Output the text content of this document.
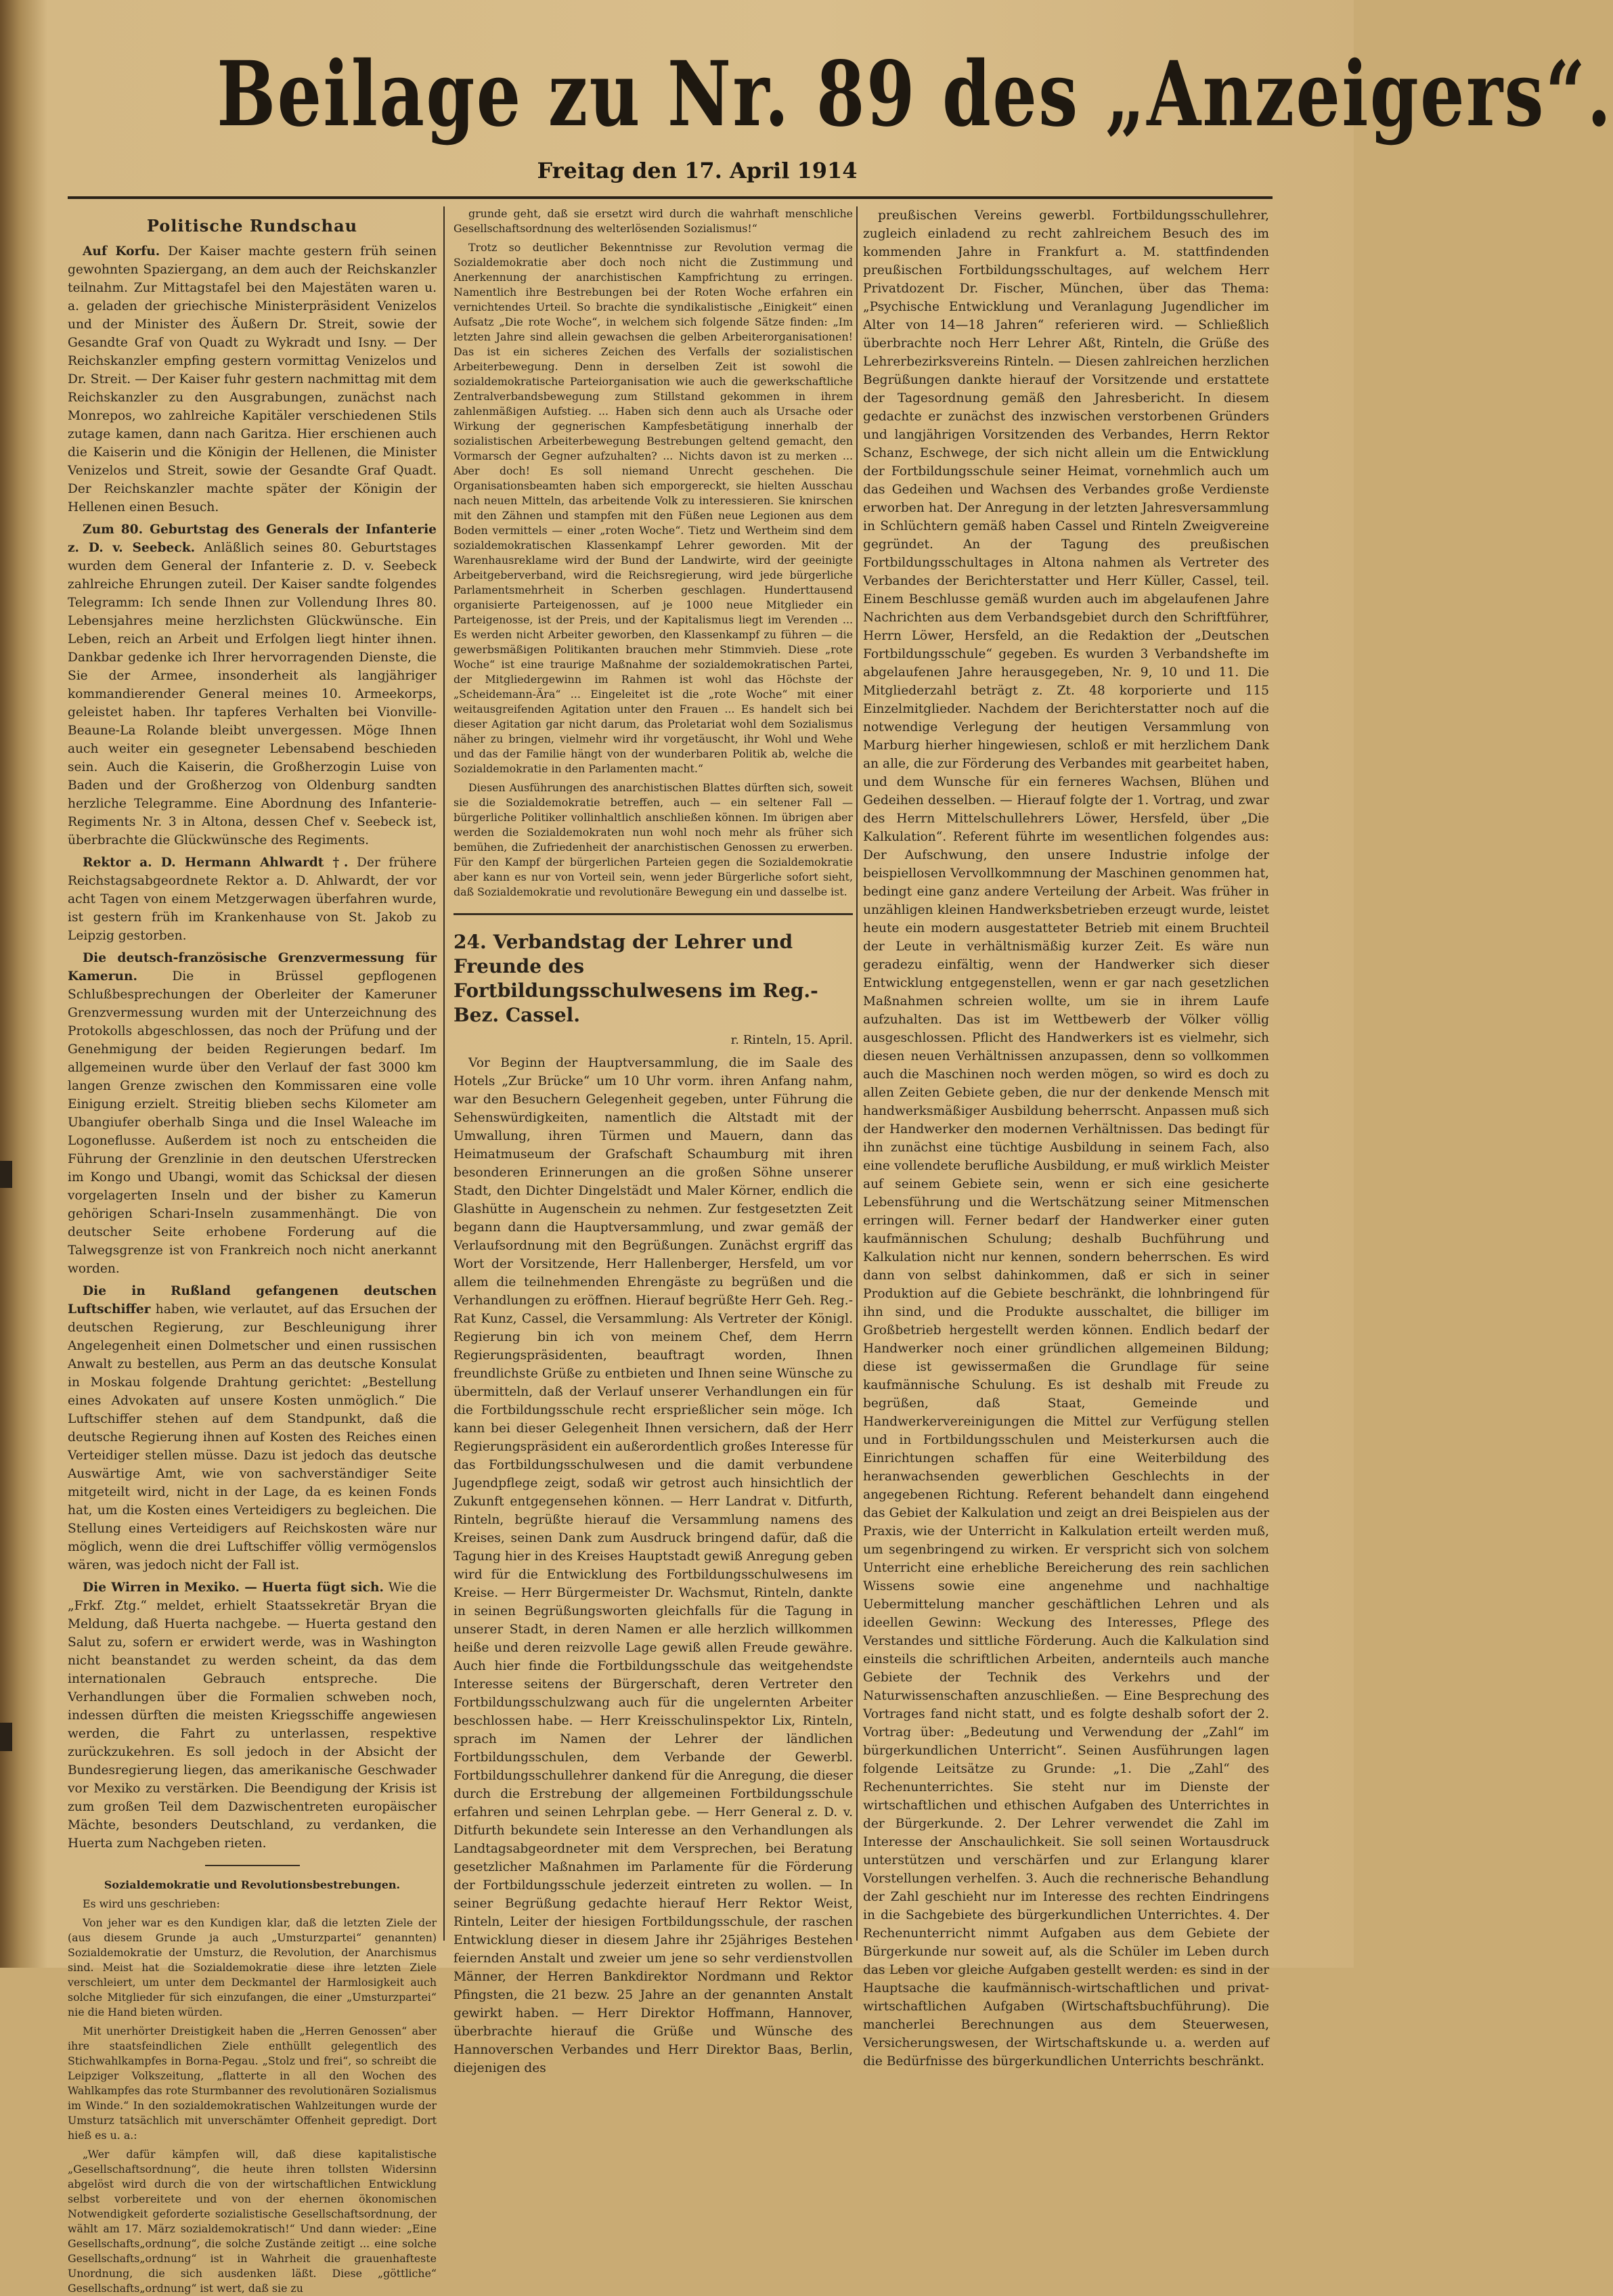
Beilage zu Nr. 89 des „Anzeigers“.
Freitag den 17. April 1914
Politische Rundschau

Auf Korfu. Der Kaiser machte gestern früh seinen gewohnten Spaziergang, an dem auch der Reichskanzler teilnahm. Zur Mittagstafel bei den Majestäten waren u. a. geladen der griechische Ministerpräsident Venizelos und der Minister des Äußern Dr. Streit, sowie der Gesandte Graf von Quadt zu Wykradt und Isny. — Der Reichskanzler empfing gestern vormittag Venizelos und Dr. Streit. — Der Kaiser fuhr gestern nachmittag mit dem Reichskanzler zu den Ausgrabungen, zunächst nach Monrepos, wo zahlreiche Kapitäler verschiedenen Stils zutage kamen, dann nach Garitza. Hier erschienen auch die Kaiserin und die Königin der Hellenen, die Minister Venizelos und Streit, sowie der Gesandte Graf Quadt. Der Reichskanzler machte später der Königin der Hellenen einen Besuch.

Zum 80. Geburtstag des Generals der Infanterie z. D. v. Seebeck. Anläßlich seines 80. Geburtstages wurden dem General der Infanterie z. D. v. Seebeck zahlreiche Ehrungen zuteil. Der Kaiser sandte folgendes Telegramm: Ich sende Ihnen zur Vollendung Ihres 80. Lebensjahres meine herzlichsten Glückwünsche. Ein Leben, reich an Arbeit und Erfolgen liegt hinter ihnen. Dankbar gedenke ich Ihrer hervorragenden Dienste, die Sie der Armee, insonderheit als langjähriger kommandierender General meines 10. Armeekorps, geleistet haben. Ihr tapferes Verhalten bei Vionville-Beaune-La Rolande bleibt unvergessen. Möge Ihnen auch weiter ein gesegneter Lebensabend beschieden sein. Auch die Kaiserin, die Großherzogin Luise von Baden und der Großherzog von Oldenburg sandten herzliche Telegramme. Eine Abordnung des Infanterie-Regiments Nr. 3 in Altona, dessen Chef v. Seebeck ist, überbrachte die Glückwünsche des Regiments.

Rektor a. D. Hermann Ahlwardt †. Der frühere Reichstagsabgeordnete Rektor a. D. Ahlwardt, der vor acht Tagen von einem Metzgerwagen überfahren wurde, ist gestern früh im Krankenhause von St. Jakob zu Leipzig gestorben.

Die deutsch-französische Grenzvermessung für Kamerun.	Die in Brüssel gepflogenen Schlußbesprechungen der Oberleiter der Kameruner Grenzvermessung wurden mit der Unterzeichnung des Protokolls abgeschlossen, das noch der Prüfung und der Genehmigung der beiden Regierungen bedarf. Im allgemeinen wurde über den Verlauf der fast 3000 km langen Grenze zwischen den Kommissaren eine volle Einigung erzielt. Streitig blieben sechs Kilometer am Ubangiufer oberhalb Singa und die Insel Waleache im Logoneflusse. Außerdem ist noch zu entscheiden die Führung der Grenzlinie in den deutschen Uferstrecken im Kongo und Ubangi, womit das Schicksal der diesen vorgelagerten Inseln und der bisher zu Kamerun gehörigen Schari-Inseln zusammenhängt. Die von deutscher Seite erhobene Forderung auf die Talwegsgrenze ist von Frankreich noch nicht anerkannt worden.

Die in Rußland gefangenen deutschen Luftschiffer haben, wie verlautet, auf das Ersuchen der deutschen Regierung, zur Beschleunigung ihrer Angelegenheit einen Dolmetscher und einen russischen Anwalt zu bestellen, aus Perm an das deutsche Konsulat in Moskau folgende Drahtung gerichtet: „Bestellung eines Advokaten auf unsere Kosten unmöglich.“ Die Luftschiffer stehen auf dem Standpunkt, daß die deutsche Regierung ihnen auf Kosten des Reiches einen Verteidiger stellen müsse. Dazu ist jedoch das deutsche Auswärtige Amt, wie von sachverständiger Seite mitgeteilt wird, nicht in der Lage, da es keinen Fonds hat, um die Kosten eines Verteidigers zu begleichen. Die Stellung eines Verteidigers auf Reichskosten wäre nur möglich, wenn die drei Luftschiffer völlig vermögenslos wären, was jedoch nicht der Fall ist.

Die Wirren in Mexiko. — Huerta fügt sich. Wie die „Frkf. Ztg.“ meldet, erhielt Staatssekretär Bryan die Meldung, daß Huerta nachgebe. — Huerta gestand den Salut zu, sofern er erwidert werde, was in Washington nicht beanstandet zu werden scheint, da das dem internationalen Gebrauch entspreche. Die Verhandlungen über die Formalien schweben noch, indessen dürften die meisten Kriegsschiffe angewiesen werden, die Fahrt zu unterlassen, respektive zurückzukehren. Es soll jedoch in der Absicht der Bundesregierung liegen, das amerikanische Geschwader vor Mexiko zu verstärken. Die Beendigung der Krisis ist zum großen Teil dem Dazwischentreten europäischer Mächte, besonders Deutschland, zu verdanken, die Huerta zum Nachgeben rieten.

Sozialdemokratie und Revolutionsbestrebungen.

Es wird uns geschrieben:

Von jeher war es den Kundigen klar, daß die letzten Ziele der (aus diesem Grunde ja auch „Umsturzpartei“ genannten) Sozialdemokratie der Umsturz, die Revolution, der Anarchismus sind. Meist hat die Sozialdemokratie diese ihre letzten Ziele verschleiert, um unter dem Deckmantel der Harmlosigkeit auch solche Mitglieder für sich einzufangen, die einer „Umsturzpartei“ nie die Hand bieten würden.

Mit unerhörter Dreistigkeit haben die „Herren Genossen“ aber ihre staatsfeindlichen Ziele enthüllt gelegentlich des Stichwahlkampfes in Borna-Pegau. „Stolz und frei“, so schreibt die Leipziger Volkszeitung, „flatterte in all den Wochen des Wahlkampfes das rote Sturmbanner des revolutionären Sozialismus im Winde.“ In den sozialdemokratischen Wahlzeitungen wurde der Umsturz tatsächlich mit unverschämter Offenheit gepredigt. Dort hieß es u. a.:

„Wer dafür kämpfen will, daß diese kapitalistische „Gesellschaftsordnung“, die heute ihren tollsten Widersinn abgelöst wird durch die von der wirtschaftlichen Entwicklung selbst vorbereitete und von der ehernen ökonomischen Notwendigkeit geforderte sozialistische Gesellschaftsordnung, der wählt am 17. März sozialdemokratisch!“ Und dann wieder: „Eine Gesellschafts„ordnung“, die solche Zustände zeitigt ... eine solche Gesellschafts„ordnung“ ist in Wahrheit die grauenhafteste Unordnung, die sich ausdenken läßt. Diese „göttliche“ Gesellschafts„ordnung“ ist wert, daß sie zu

grunde geht, daß sie ersetzt wird durch die wahrhaft menschliche Gesellschaftsordnung des welterlösenden Sozialismus!“

Trotz so deutlicher Bekenntnisse zur Revolution vermag die Sozialdemokratie aber doch noch nicht die Zustimmung und Anerkennung der anarchistischen Kampfrichtung zu erringen. Namentlich ihre Bestrebungen bei der Roten Woche erfahren ein vernichtendes Urteil. So brachte die syndikalistische „Einigkeit“ einen Aufsatz „Die rote Woche“, in welchem sich folgende Sätze finden: „Im letzten Jahre sind allein gewachsen die gelben Arbeiterorganisationen! Das ist ein sicheres Zeichen des Verfalls der sozialistischen Arbeiterbewegung. Denn in derselben Zeit ist sowohl die sozialdemokratische Parteiorganisation wie auch die gewerkschaftliche Zentralverbandsbewegung zum Stillstand gekommen in ihrem zahlenmäßigen Aufstieg. ... Haben sich denn auch als Ursache oder Wirkung der gegnerischen Kampfesbetätigung innerhalb der sozialistischen Arbeiterbewegung Bestrebungen geltend gemacht, den Vormarsch der Gegner aufzuhalten? ... Nichts davon ist zu merken ... Aber doch! Es soll niemand Unrecht geschehen. Die Organisationsbeamten haben sich emporgereckt, sie hielten Ausschau nach neuen Mitteln, das arbeitende Volk zu interessieren. Sie knirschen mit den Zähnen und stampfen mit den Füßen neue Legionen aus dem Boden vermittels — einer „roten Woche“. Tietz und Wertheim sind dem sozialdemokratischen Klassenkampf Lehrer geworden. Mit der Warenhausreklame wird der Bund der Landwirte, wird der geeinigte Arbeitgeberverband, wird die Reichsregierung, wird jede bürgerliche Parlamentsmehrheit in Scherben geschlagen. Hunderttausend organisierte Parteigenossen, auf je 1000 neue Mitglieder ein Parteigenosse, ist der Preis, und der Kapitalismus liegt im Verenden ... Es werden nicht Arbeiter geworben, den Klassenkampf zu führen — die gewerbsmäßigen Politikanten brauchen mehr Stimmvieh. Diese „rote Woche“ ist eine traurige Maßnahme der sozialdemokratischen Partei, der Mitgliedergewinn im Rahmen ist wohl das Höchste der „Scheidemann-Ära“ ... Eingeleitet ist die „rote Woche“ mit einer weitausgreifenden Agitation unter den Frauen ... Es handelt sich bei dieser Agitation gar nicht darum, das Proletariat wohl dem Sozialismus näher zu bringen, vielmehr wird ihr vorgetäuscht, ihr Wohl und Wehe und das der Familie hängt von der wunderbaren Politik ab, welche die Sozialdemokratie in den Parlamenten macht.“

Diesen Ausführungen des anarchistischen Blattes dürften sich, soweit sie die Sozialdemokratie betreffen, auch — ein seltener Fall — bürgerliche Politiker vollinhaltlich anschließen können. Im übrigen aber werden die Sozialdemokraten nun wohl noch mehr als früher sich bemühen, die Zufriedenheit der anarchistischen Genossen zu erwerben. Für den Kampf der bürgerlichen Parteien gegen die Sozialdemokratie aber kann es nur von Vorteil sein, wenn jeder Bürgerliche sofort sieht, daß Sozialdemokratie und revolutionäre Bewegung ein und dasselbe ist.

24. Verbandstag der Lehrer und Freunde des Fortbildungsschulwesens im Reg.-Bez. Cassel.
r. Rinteln, 15. April.

Vor Beginn der Hauptversammlung, die im Saale des Hotels „Zur Brücke“ um 10 Uhr vorm. ihren Anfang nahm, war den Besuchern Gelegenheit gegeben, unter Führung die Sehenswürdigkeiten, namentlich die Altstadt mit der Umwallung, ihren Türmen und Mauern, dann das Heimatmuseum der Grafschaft Schaumburg mit ihren besonderen Erinnerungen an die großen Söhne unserer Stadt, den Dichter Dingelstädt und Maler Körner, endlich die Glashütte in Augenschein zu nehmen. Zur festgesetzten Zeit begann dann die Hauptversammlung, und zwar gemäß der Verlaufsordnung mit den Begrüßungen. Zunächst ergriff das Wort der Vorsitzende, Herr Hallenberger, Hersfeld, um vor allem die teilnehmenden Ehrengäste zu begrüßen und die Verhandlungen zu eröffnen. Hierauf begrüßte Herr Geh. Reg.-Rat Kunz, Cassel, die Versammlung: Als Vertreter der Königl. Regierung bin ich von meinem Chef, dem Herrn Regierungspräsidenten, beauftragt worden, Ihnen freundlichste Grüße zu entbieten und Ihnen seine Wünsche zu übermitteln, daß der Verlauf unserer Verhandlungen ein für die Fortbildungsschule recht ersprießlicher sein möge. Ich kann bei dieser Gelegenheit Ihnen versichern, daß der Herr Regierungspräsident ein außerordentlich großes Interesse für das Fortbildungsschulwesen und die damit verbundene Jugendpflege zeigt, sodaß wir getrost auch hinsichtlich der Zukunft entgegensehen können. — Herr Landrat v. Ditfurth, Rinteln, begrüßte hierauf die Versammlung namens des Kreises, seinen Dank zum Ausdruck bringend dafür, daß die Tagung hier in des Kreises Hauptstadt gewiß Anregung geben wird für die Entwicklung des Fortbildungsschulwesens im Kreise. — Herr Bürgermeister Dr. Wachsmut, Rinteln, dankte in seinen Begrüßungsworten gleichfalls für die Tagung in unserer Stadt, in deren Namen er alle herzlich willkommen heiße und deren reizvolle Lage gewiß allen Freude gewähre. Auch hier finde die Fortbildungsschule das weitgehendste Interesse seitens der Bürgerschaft, deren Vertreter den Fortbildungsschulzwang auch für die ungelernten Arbeiter beschlossen habe. — Herr Kreisschulinspektor Lix, Rinteln, sprach im Namen der Lehrer der ländlichen Fortbildungsschulen, dem Verbande der Gewerbl. Fortbildungsschullehrer dankend für die Anregung, die dieser durch die Erstrebung der allgemeinen Fortbildungsschule erfahren und seinen Lehrplan gebe. — Herr General z. D. v. Ditfurth bekundete sein Interesse an den Verhandlungen als Landtagsabgeordneter mit dem Versprechen, bei Beratung gesetzlicher Maßnahmen im Parlamente für die Förderung der Fortbildungsschule jederzeit eintreten zu wollen. — In seiner Begrüßung gedachte hierauf Herr Rektor Weist, Rinteln, Leiter der hiesigen Fortbildungsschule, der raschen Entwicklung dieser in diesem Jahre ihr 25jähriges Bestehen feiernden Anstalt und zweier um jene so sehr verdienstvollen Männer, der Herren Bankdirektor Nordmann und Rektor Pfingsten, die 21 bezw. 25 Jahre an der genannten Anstalt gewirkt haben. — Herr Direktor Hoffmann, Hannover, überbrachte hierauf die Grüße und Wünsche des Hannoverschen Verbandes und Herr Direktor Baas, Berlin, diejenigen des

preußischen Vereins gewerbl. Fortbildungsschullehrer, zugleich einladend zu recht zahlreichem Besuch des im kommenden Jahre in Frankfurt a. M. stattfindenden preußischen Fortbildungsschultages, auf welchem Herr Privatdozent Dr. Fischer, München, über das Thema: „Psychische Entwicklung und Veranlagung Jugendlicher im Alter von 14—18 Jahren“ referieren wird. — Schließlich überbrachte noch Herr Lehrer Aßt, Rinteln, die Grüße des Lehrerbezirksvereins Rinteln. — Diesen zahlreichen herzlichen Begrüßungen dankte hierauf der Vorsitzende und erstattete der Tagesordnung gemäß den Jahresbericht. In diesem gedachte er zunächst des inzwischen verstorbenen Gründers und langjährigen Vorsitzenden des Verbandes, Herrn Rektor Schanz, Eschwege, der sich nicht allein um die Entwicklung der Fortbildungsschule seiner Heimat, vornehmlich auch um das Gedeihen und Wachsen des Verbandes große Verdienste erworben hat. Der Anregung in der letzten Jahresversammlung in Schlüchtern gemäß haben Cassel und Rinteln Zweigvereine gegründet. An der Tagung des preußischen Fortbildungsschultages in Altona nahmen als Vertreter des Verbandes der Berichterstatter und Herr Küller, Cassel, teil. Einem Beschlusse gemäß wurden auch im abgelaufenen Jahre Nachrichten aus dem Verbandsgebiet durch den Schriftführer, Herrn Löwer, Hersfeld, an die Redaktion der „Deutschen Fortbildungsschule“ gegeben. Es wurden 3 Verbandshefte im abgelaufenen Jahre herausgegeben, Nr. 9, 10 und 11. Die Mitgliederzahl beträgt z. Zt. 48 korporierte und 115 Einzelmitglieder. Nachdem der Berichterstatter noch auf die notwendige Verlegung der heutigen Versammlung von Marburg hierher hingewiesen, schloß er mit herzlichem Dank an alle, die zur Förderung des Verbandes mit gearbeitet haben, und dem Wunsche für ein ferneres Wachsen, Blühen und Gedeihen desselben. — Hierauf folgte der 1. Vortrag, und zwar des Herrn Mittelschullehrers Löwer, Hersfeld, über „Die Kalkulation“. Referent führte im wesentlichen folgendes aus: Der Aufschwung, den unsere Industrie infolge der beispiellosen Vervollkommnung der Maschinen genommen hat, bedingt eine ganz andere Verteilung der Arbeit. Was früher in unzähligen kleinen Handwerksbetrieben erzeugt wurde, leistet heute ein modern ausgestatteter Betrieb mit einem Bruchteil der Leute in verhältnismäßig kurzer Zeit. Es wäre nun geradezu einfältig, wenn der Handwerker sich dieser Entwicklung entgegenstellen, wenn er gar nach gesetzlichen Maßnahmen schreien wollte, um sie in ihrem Laufe aufzuhalten. Das ist im Wettbewerb der Völker völlig ausgeschlossen. Pflicht des Handwerkers ist es vielmehr, sich diesen neuen Verhältnissen anzupassen, denn so vollkommen auch die Maschinen noch werden mögen, so wird es doch zu allen Zeiten Gebiete geben, die nur der denkende Mensch mit handwerksmäßiger Ausbildung beherrscht. Anpassen muß sich der Handwerker den modernen Verhältnissen. Das bedingt für ihn zunächst eine tüchtige Ausbildung in seinem Fach, also eine vollendete berufliche Ausbildung, er muß wirklich Meister auf seinem Gebiete sein, wenn er sich eine gesicherte Lebensführung und die Wertschätzung seiner Mitmenschen erringen will. Ferner bedarf der Handwerker einer guten kaufmännischen Schulung; deshalb Buchführung und Kalkulation nicht nur kennen, sondern beherrschen. Es wird dann von selbst dahinkommen, daß er sich in seiner Produktion auf die Gebiete beschränkt, die lohnbringend für ihn sind, und die Produkte ausschaltet, die billiger im Großbetrieb hergestellt werden können. Endlich bedarf der Handwerker noch einer gründlichen allgemeinen Bildung; diese ist gewissermaßen die Grundlage für seine kaufmännische Schulung. Es ist deshalb mit Freude zu begrüßen, daß Staat, Gemeinde und Handwerkervereinigungen die Mittel zur Verfügung stellen und in Fortbildungsschulen und Meisterkursen auch die Einrichtungen schaffen für eine Weiterbildung des heranwachsenden gewerblichen Geschlechts in der angegebenen Richtung. Referent behandelt dann eingehend das Gebiet der Kalkulation und zeigt an drei Beispielen aus der Praxis, wie der Unterricht in Kalkulation erteilt werden muß, um segenbringend zu wirken. Er verspricht sich von solchem Unterricht eine erhebliche Bereicherung des rein sachlichen Wissens sowie eine angenehme und nachhaltige Uebermittelung mancher geschäftlichen Lehren und als ideellen Gewinn: Weckung des Interesses, Pflege des Verstandes und sittliche Förderung. Auch die Kalkulation sind einsteils die schriftlichen Arbeiten, andernteils auch manche Gebiete der Technik des Verkehrs und der Naturwissenschaften anzuschließen. — Eine Besprechung des Vortrages fand nicht statt, und es folgte deshalb sofort der 2. Vortrag über: „Bedeutung und Verwendung der „Zahl“ im bürgerkundlichen Unterricht“. Seinen Ausführungen lagen folgende Leitsätze zu Grunde: „1. Die „Zahl“ des Rechenunterrichtes. Sie steht nur im Dienste der wirtschaftlichen und ethischen Aufgaben des Unterrichtes in der Bürgerkunde. 2. Der Lehrer verwendet die Zahl im Interesse der Anschaulichkeit. Sie soll seinen Wortausdruck unterstützen und verschärfen und zur Erlangung klarer Vorstellungen verhelfen. 3. Auch die rechnerische Behandlung der Zahl geschieht nur im Interesse des rechten Eindringens in die Sachgebiete des bürgerkundlichen Unterrichtes. 4. Der Rechenunterricht nimmt Aufgaben aus dem Gebiete der Bürgerkunde nur soweit auf, als die Schüler im Leben durch das Leben vor gleiche Aufgaben gestellt werden: es sind in der Hauptsache die kaufmännisch-wirtschaftlichen und privat-wirtschaftlichen Aufgaben (Wirtschaftsbuchführung). Die mancherlei Berechnungen aus dem Steuerwesen, Versicherungswesen, der Wirtschaftskunde u. a. werden auf die Bedürfnisse des bürgerkundlichen Unterrichts beschränkt.
